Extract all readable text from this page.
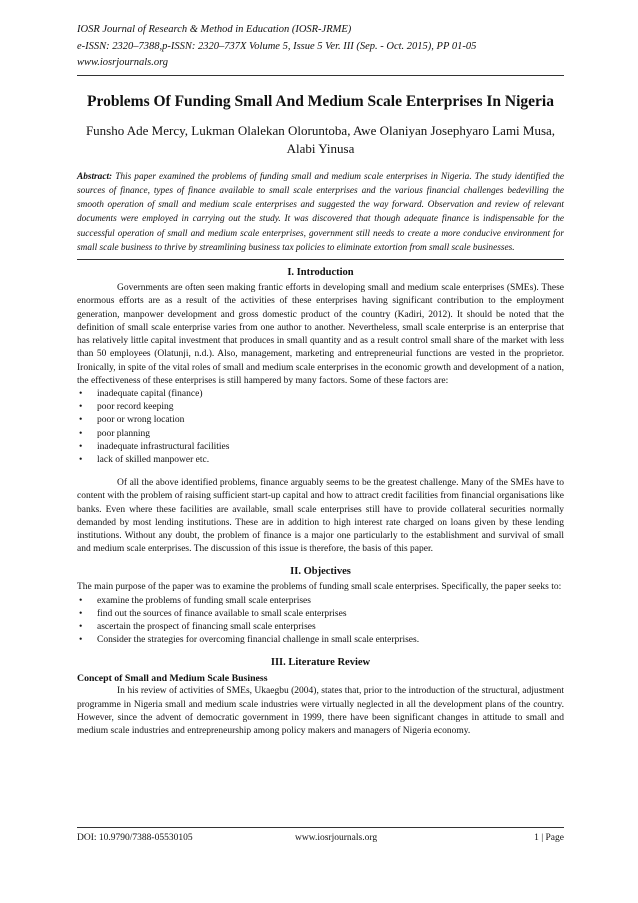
IOSR Journal of Research & Method in Education (IOSR-JRME)
e-ISSN: 2320–7388,p-ISSN: 2320–737X Volume 5, Issue 5 Ver. III (Sep. - Oct. 2015), PP 01-05
www.iosrjournals.org
Problems Of Funding Small And Medium Scale Enterprises In Nigeria
Funsho Ade Mercy, Lukman Olalekan Oloruntoba, Awe Olaniyan Josephyaro Lami Musa, Alabi Yinusa
Abstract: This paper examined the problems of funding small and medium scale enterprises in Nigeria. The study identified the sources of finance, types of finance available to small scale enterprises and the various financial challenges bedevilling the smooth operation of small and medium scale enterprises and suggested the way forward. Observation and review of relevant documents were employed in carrying out the study. It was discovered that though adequate finance is indispensable for the successful operation of small and medium scale enterprises, government still needs to create a more conducive environment for small scale business to thrive by streamlining business tax policies to eliminate extortion from small scale businesses.
I. Introduction

Governments are often seen making frantic efforts in developing small and medium scale enterprises (SMEs). These enormous efforts are as a result of the activities of these enterprises having significant contribution to the employment generation, manpower development and gross domestic product of the country (Kadiri, 2012). It should be noted that the definition of small scale enterprise varies from one author to another. Nevertheless, small scale enterprise is an enterprise that has relatively little capital investment that produces in small quantity and as a result control small share of the market with less than 50 employees (Olatunji, n.d.). Also, management, marketing and entrepreneurial functions are vested in the proprietor. Ironically, in spite of the vital roles of small and medium scale enterprises in the economic growth and development of a nation, the effectiveness of these enterprises is still hampered by many factors. Some of these factors are:

• inadequate capital (finance)
• poor record keeping
• poor or wrong location
• poor planning
• inadequate infrastructural facilities
• lack of skilled manpower etc.

Of all the above identified problems, finance arguably seems to be the greatest challenge. Many of the SMEs have to content with the problem of raising sufficient start-up capital and how to attract credit facilities from financial organisations like banks. Even where these facilities are available, small scale enterprises still have to provide collateral securities normally demanded by most lending institutions. These are in addition to high interest rate charged on loans given by these lending institutions. Without any doubt, the problem of finance is a major one particularly to the establishment and survival of small and medium scale enterprises. The discussion of this issue is therefore, the basis of this paper.

II. Objectives

The main purpose of the paper was to examine the problems of funding small scale enterprises. Specifically, the paper seeks to:

• examine the problems of funding small scale enterprises
• find out the sources of finance available to small scale enterprises
• ascertain the prospect of financing small scale enterprises
• Consider the strategies for overcoming financial challenge in small scale enterprises.
III. Literature Review
Concept of Small and Medium Scale Business

In his review of activities of SMEs, Ukaegbu (2004), states that, prior to the introduction of the structural, adjustment programme in Nigeria small and medium scale industries were virtually neglected in all the development plans of the country. However, since the advent of democratic government in 1999, there have been significant changes in attitude to small and medium scale industries and entrepreneurship among policy makers and managers of Nigeria economy.

DOI: 10.9790/7388-05530105	www.iosrjournals.org	1 | Page
